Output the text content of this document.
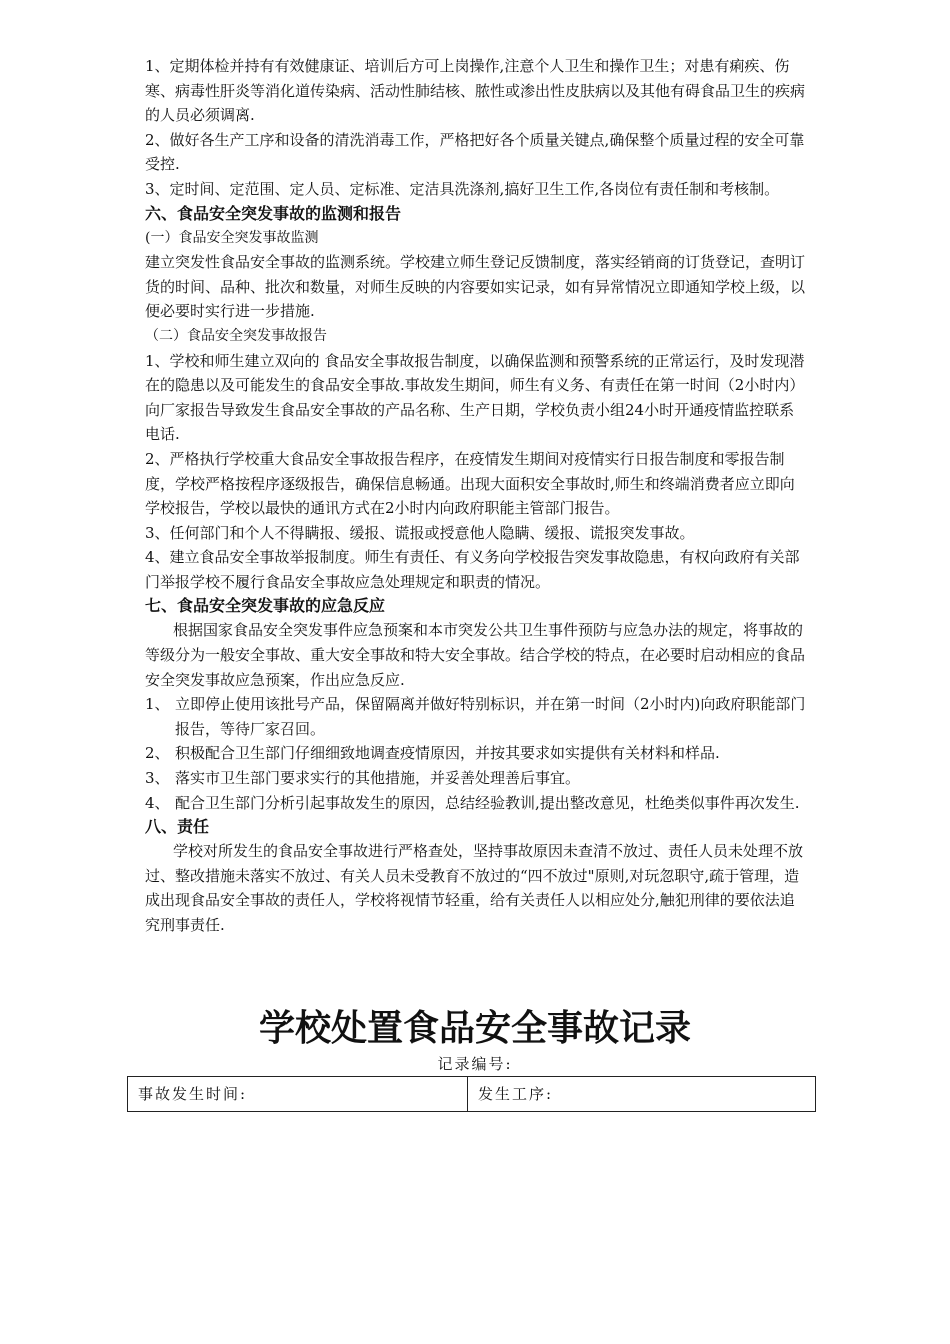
1、定期体检并持有有效健康证、培训后方可上岗操作,注意个人卫生和操作卫生；对患有痢疾、伤寒、病毒性肝炎等消化道传染病、活动性肺结核、脓性或渗出性皮肤病以及其他有碍食品卫生的疾病的人员必须调离.

2、做好各生产工序和设备的清洗消毒工作，严格把好各个质量关键点,确保整个质量过程的安全可靠受控.

3、定时间、定范围、定人员、定标准、定洁具洗涤剂,搞好卫生工作,各岗位有责任制和考核制。

六、食品安全突发事故的监测和报告

(一）食品安全突发事故监测

建立突发性食品安全事故的监测系统。学校建立师生登记反馈制度，落实经销商的订货登记，查明订货的时间、品种、批次和数量，对师生反映的内容要如实记录，如有异常情况立即通知学校上级，以便必要时实行进一步措施.

（二）食品安全突发事故报告

1、学校和师生建立双向的 食品安全事故报告制度，以确保监测和预警系统的正常运行，及时发现潜在的隐患以及可能发生的食品安全事故.事故发生期间，师生有义务、有责任在第一时间（2小时内）向厂家报告导致发生食品安全事故的产品名称、生产日期，学校负责小组24小时开通疫情监控联系电话.

2、严格执行学校重大食品安全事故报告程序，在疫情发生期间对疫情实行日报告制度和零报告制度，学校严格按程序逐级报告，确保信息畅通。出现大面积安全事故时,师生和终端消费者应立即向学校报告，学校以最快的通讯方式在2小时内向政府职能主管部门报告。

3、任何部门和个人不得瞒报、缓报、谎报或授意他人隐瞒、缓报、谎报突发事故。

4、建立食品安全事故举报制度。师生有责任、有义务向学校报告突发事故隐患，有权向政府有关部门举报学校不履行食品安全事故应急处理规定和职责的情况。

七、食品安全突发事故的应急反应

根据国家食品安全突发事件应急预案和本市突发公共卫生事件预防与应急办法的规定，将事故的等级分为一般安全事故、重大安全事故和特大安全事故。结合学校的特点，在必要时启动相应的食品安全突发事故应急预案，作出应急反应.

1、 立即停止使用该批号产品，保留隔离并做好特别标识，并在第一时间（2小时内)向政府职能部门报告，等待厂家召回。
2、 积极配合卫生部门仔细细致地调查疫情原因，并按其要求如实提供有关材料和样品.
3、 落实市卫生部门要求实行的其他措施，并妥善处理善后事宜。
4、 配合卫生部门分析引起事故发生的原因，总结经验教训,提出整改意见，杜绝类似事件再次发生.

八、责任

学校对所发生的食品安全事故进行严格查处，坚持事故原因未查清不放过、责任人员未处理不放过、整改措施未落实不放过、有关人员未受教育不放过的“四不放过"原则,对玩忽职守,疏于管理，造成出现食品安全事故的责任人，学校将视情节轻重，给有关责任人以相应处分,触犯刑律的要依法追究刑事责任.

学校处置食品安全事故记录
记录编号:
事故发生时间:	发生工序:
